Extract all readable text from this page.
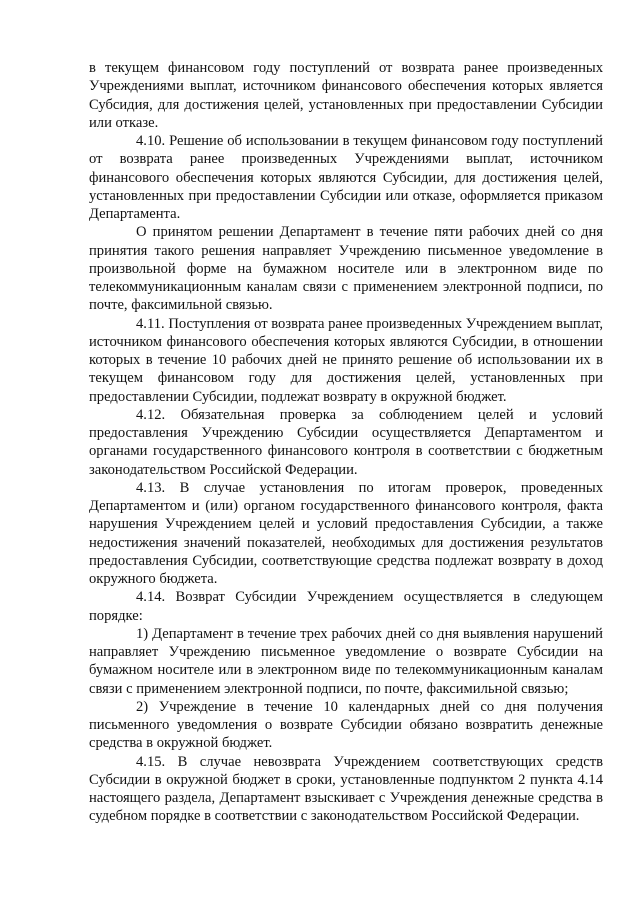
в текущем финансовом году поступлений от возврата ранее произведенных Учреждениями выплат, источником финансового обеспечения которых является Субсидия, для достижения целей, установленных при предоставлении Субсидии или отказе.

4.10. Решение об использовании в текущем финансовом году поступлений от возврата ранее произведенных Учреждениями выплат, источником финансового обеспечения которых являются Субсидии, для достижения целей, установленных при предоставлении Субсидии или отказе, оформляется приказом Департамента.

О принятом решении Департамент в течение пяти рабочих дней со дня принятия такого решения направляет Учреждению письменное уведомление в произвольной форме на бумажном носителе или в электронном виде по телекоммуникационным каналам связи с применением электронной подписи, по почте, факсимильной связью.

4.11. Поступления от возврата ранее произведенных Учреждением выплат, источником финансового обеспечения которых являются Субсидии, в отношении которых в течение 10 рабочих дней не принято решение об использовании их в текущем финансовом году для достижения целей, установленных при предоставлении Субсидии, подлежат возврату в окружной бюджет.

4.12. Обязательная проверка за соблюдением целей и условий предоставления Учреждению Субсидии осуществляется Департаментом и органами государственного финансового контроля в соответствии с бюджетным законодательством Российской Федерации.

4.13. В случае установления по итогам проверок, проведенных Департаментом и (или) органом государственного финансового контроля, факта нарушения Учреждением целей и условий предоставления Субсидии, а также недостижения значений показателей, необходимых для достижения результатов предоставления Субсидии, соответствующие средства подлежат возврату в доход окружного бюджета.

4.14. Возврат Субсидии Учреждением осуществляется в следующем порядке:

1) Департамент в течение трех рабочих дней со дня выявления нарушений направляет Учреждению письменное уведомление о возврате Субсидии на бумажном носителе или в электронном виде по телекоммуникационным каналам связи с применением электронной подписи, по почте, факсимильной связью;

2) Учреждение в течение 10 календарных дней со дня получения письменного уведомления о возврате Субсидии обязано возвратить денежные средства в окружной бюджет.

4.15. В случае невозврата Учреждением соответствующих средств Субсидии в окружной бюджет в сроки, установленные подпунктом 2 пункта 4.14 настоящего раздела, Департамент взыскивает с Учреждения денежные средства в судебном порядке в соответствии с законодательством Российской Федерации.
